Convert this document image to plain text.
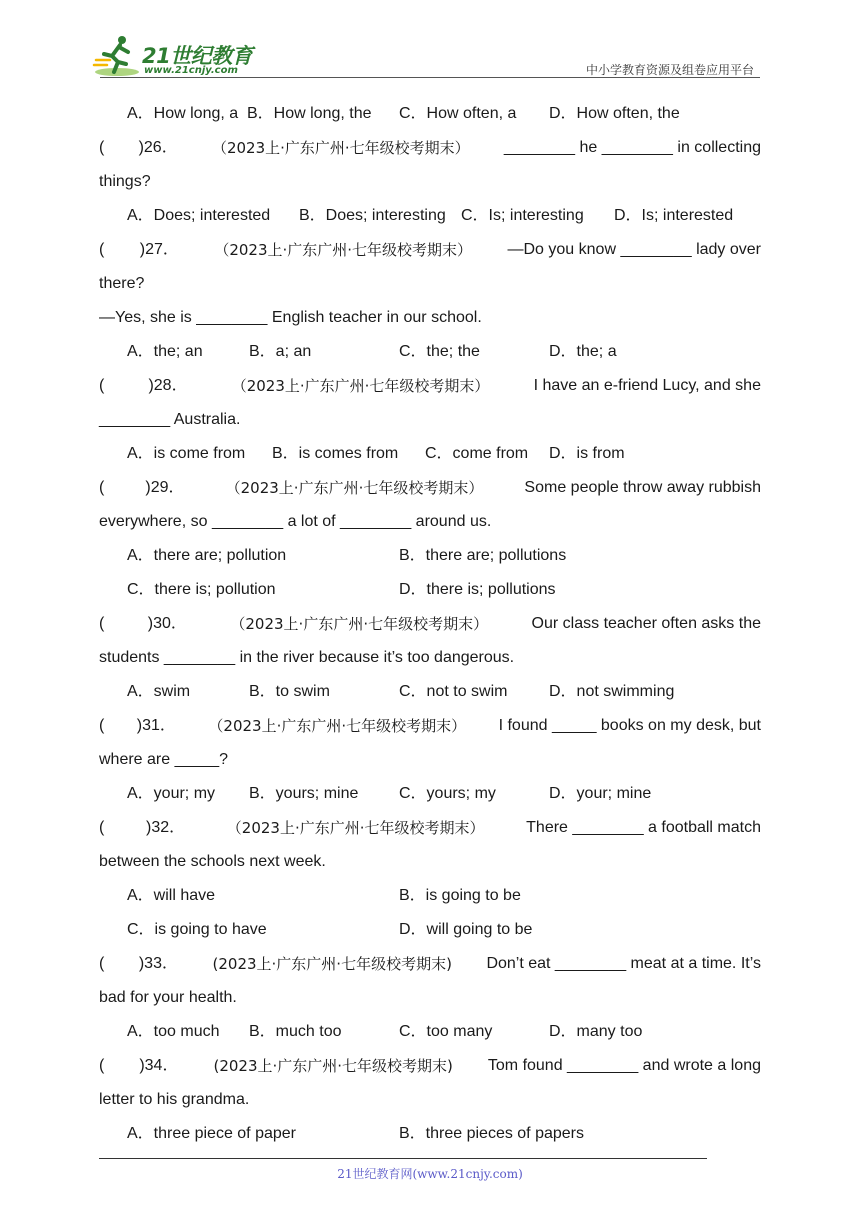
21世纪教育
www.21cnjy.com	中小学教育资源及组卷应用平台
A．How long, a B．How long, the C．How often, a D．How often, the
( )26． （2023上·广东广州·七年级校考期末） ________ he ________ in collecting
things?
A．Does; interested B．Does; interesting C．Is; interesting D．Is; interested
( )27． （2023上·广东广州·七年级校考期末） —Do you know ________ lady over
there?
—Yes, she is ________ English teacher in our school.
A．the; an	B．a; an	C．the; the	D．the; a
(	)28．	（2023上·广东广州·七年级校考期末）	I have an e-friend Lucy, and she
________ Australia.
A．is come from B．is comes from C．come from D．is from
(	)29．	（2023上·广东广州·七年级校考期末）	Some people throw away rubbish
everywhere, so ________ a lot of ________ around us.
A．there are; pollution	B．there are; pollutions
C．there is; pollution	D．there is; pollutions
(	)30．	（2023上·广东广州·七年级校考期末）	Our class teacher often asks the
students ________ in the river because it’s too dangerous.
A．swim	B．to swim	C．not to swim	D．not swimming
( )31． （2023上·广东广州·七年级校考期末） I found _____ books on my desk, but
where are _____?
A．your; my B．yours; mine	C．yours; my	D．your; mine
(	)32．	（2023上·广东广州·七年级校考期末）	There ________ a football match
between the schools next week.
A．will have	B．is going to be
C．is going to have	D．will going to be
( )33． (2023上·广东广州·七年级校考期末) Don’t eat ________ meat at a time. It’s
bad for your health.
A．too much B．much too	C．too many	D．many too
( )34． (2023上·广东广州·七年级校考期末) Tom found ________ and wrote a long
letter to his grandma.
A．three piece of paper	B．three pieces of papers
21世纪教育网(www.21cnjy.com)
